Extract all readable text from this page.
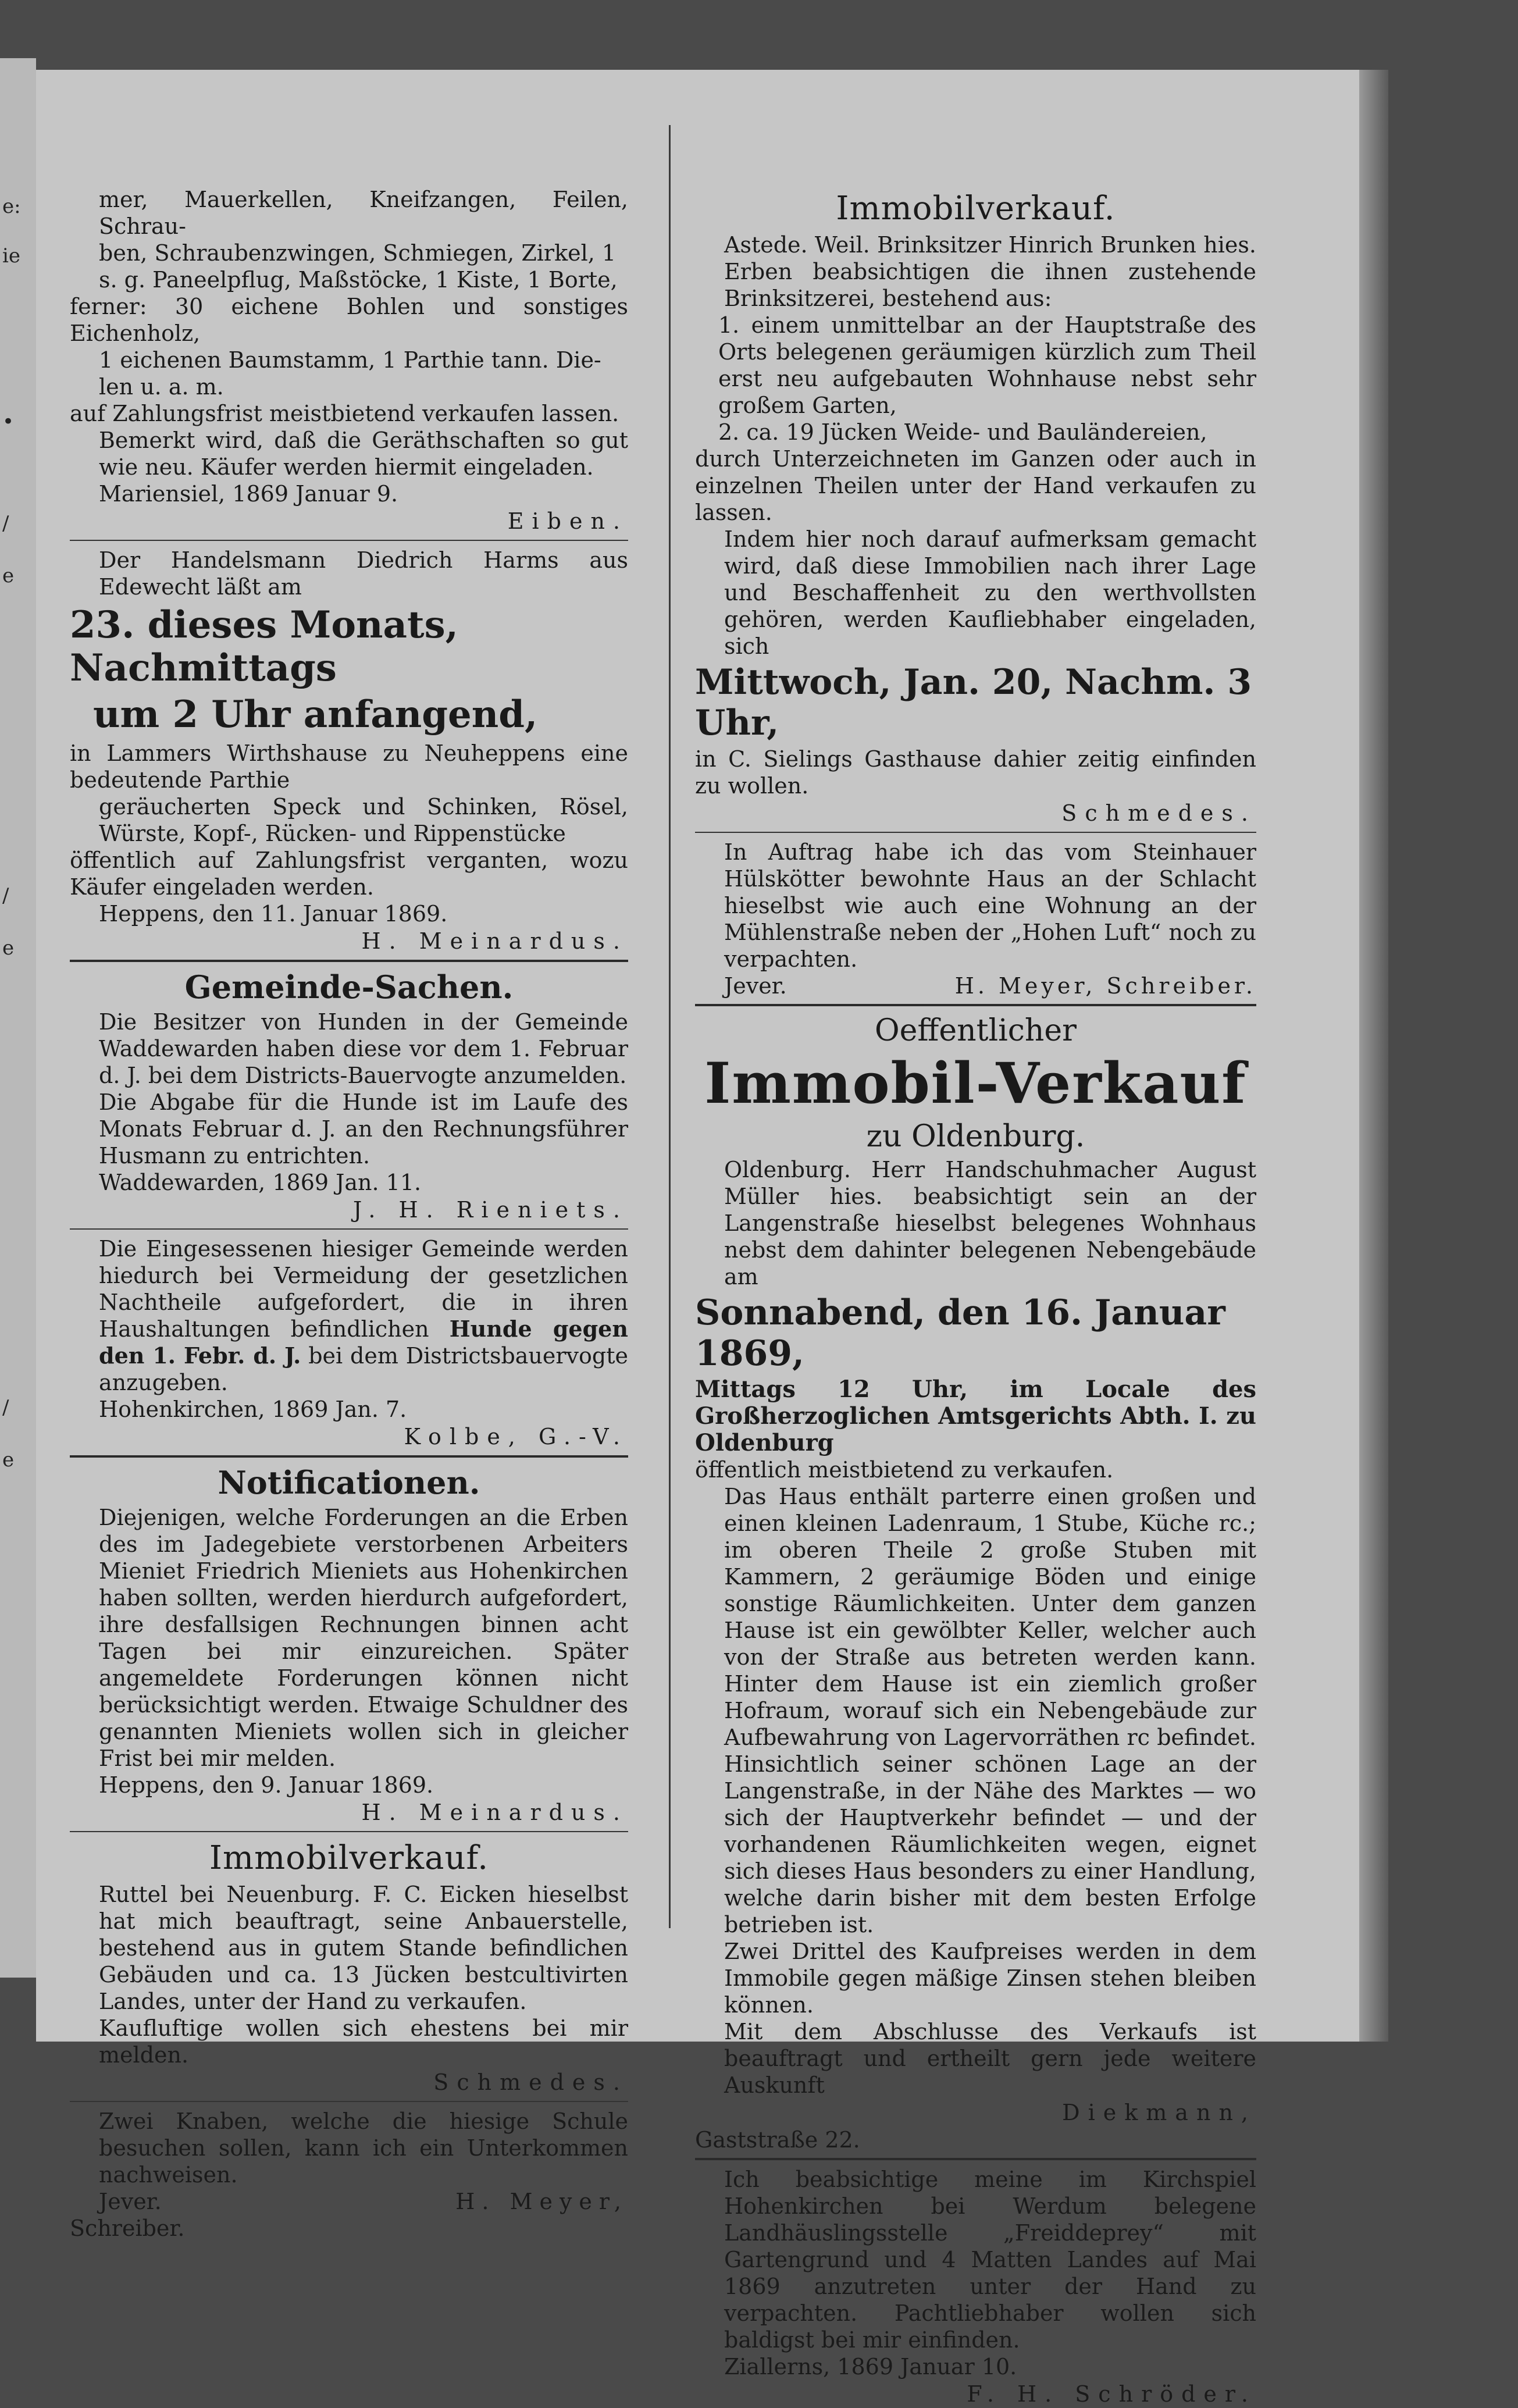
e:
ie
•
/
e
/
e
/
e

mer, Mauerkellen, Kneifzangen, Feilen, Schrau-

ben, Schraubenzwingen, Schmiegen, Zirkel, 1

s. g. Paneelpflug, Maßstöcke, 1 Kiste, 1 Borte,

ferner: 30 eichene Bohlen und sonstiges Eichenholz,

1 eichenen Baumstamm, 1 Parthie tann. Die-

len u. a. m.

auf Zahlungsfrist meistbietend verkaufen lassen.

Bemerkt wird, daß die Geräthschaften so gut wie neu. Käufer werden hiermit eingeladen.

Mariensiel, 1869 Januar 9.

Eiben.

Der Handelsmann Diedrich Harms aus Edewecht läßt am

23. dieses Monats, Nachmittags

um 2 Uhr anfangend,

in Lammers Wirthshause zu Neuheppens eine bedeutende Parthie

geräucherten Speck und Schinken, Rösel, Würste, Kopf-, Rücken- und Rippenstücke

öffentlich auf Zahlungsfrist verganten, wozu Käufer eingeladen werden.

Heppens, den 11. Januar 1869.

H. Meinardus.

Gemeinde-Sachen.

Die Besitzer von Hunden in der Gemeinde Waddewarden haben diese vor dem 1. Februar d. J. bei dem Districts-Bauervogte anzumelden.

Die Abgabe für die Hunde ist im Laufe des Monats Februar d. J. an den Rechnungsführer Husmann zu entrichten.

Waddewarden, 1869 Jan. 11.

J. H. Rieniets.

Die Eingesessenen hiesiger Gemeinde werden hiedurch bei Vermeidung der gesetzlichen Nachtheile aufgefordert, die in ihren Haushaltungen befindlichen Hunde gegen den 1. Febr. d. J. bei dem Districtsbauervogte anzugeben.

Hohenkirchen, 1869 Jan. 7.

Kolbe, G.-V.

Notificationen.

Diejenigen, welche Forderungen an die Erben des im Jadegebiete verstorbenen Arbeiters Mieniet Friedrich Mieniets aus Hohenkirchen haben sollten, werden hierdurch aufgefordert, ihre desfallsigen Rechnungen binnen acht Tagen bei mir einzureichen. Später angemeldete Forderungen können nicht berücksichtigt werden. Etwaige Schuldner des genannten Mieniets wollen sich in gleicher Frist bei mir melden.

Heppens, den 9. Januar 1869.

H. Meinardus.

Immobilverkauf.

Ruttel bei Neuenburg. F. C. Eicken hieselbst hat mich beauftragt, seine Anbauerstelle, bestehend aus in gutem Stande befindlichen Gebäuden und ca. 13 Jücken bestcultivirten Landes, unter der Hand zu verkaufen.

Kaufluftige wollen sich ehestens bei mir melden.

Schmedes.

Zwei Knaben, welche die hiesige Schule besuchen sollen, kann ich ein Unterkommen nachweisen.

Jever.	H. Meyer,

Schreiber.

Immobilverkauf.

Astede. Weil. Brinksitzer Hinrich Brunken hies. Erben beabsichtigen die ihnen zustehende Brinksitzerei, bestehend aus:

1. einem unmittelbar an der Hauptstraße des Orts belegenen geräumigen kürzlich zum Theil erst neu aufgebauten Wohnhause nebst sehr großem Garten,

2. ca. 19 Jücken Weide- und Bauländereien,

durch Unterzeichneten im Ganzen oder auch in einzelnen Theilen unter der Hand verkaufen zu lassen.

Indem hier noch darauf aufmerksam gemacht wird, daß diese Immobilien nach ihrer Lage und Beschaffenheit zu den werthvollsten gehören, werden Kaufliebhaber eingeladen, sich

Mittwoch, Jan. 20, Nachm. 3 Uhr,

in C. Sielings Gasthause dahier zeitig einfinden zu wollen.

Schmedes.

In Auftrag habe ich das vom Steinhauer Hülskötter bewohnte Haus an der Schlacht hieselbst wie auch eine Wohnung an der Mühlenstraße neben der „Hohen Luft“ noch zu verpachten.

Jever.	H. Meyer, Schreiber.

Oeffentlicher

Immobil-Verkauf

zu Oldenburg.

Oldenburg. Herr Handschuhmacher August Müller hies. beabsichtigt sein an der Langenstraße hieselbst belegenes Wohnhaus nebst dem dahinter belegenen Nebengebäude am

Sonnabend, den 16. Januar 1869,

Mittags 12 Uhr, im Locale des Großherzoglichen Amtsgerichts Abth. I. zu Oldenburg

öffentlich meistbietend zu verkaufen.

Das Haus enthält parterre einen großen und einen kleinen Ladenraum, 1 Stube, Küche rc.; im oberen Theile 2 große Stuben mit Kammern, 2 geräumige Böden und einige sonstige Räumlichkeiten. Unter dem ganzen Hause ist ein gewölbter Keller, welcher auch von der Straße aus betreten werden kann. Hinter dem Hause ist ein ziemlich großer Hofraum, worauf sich ein Nebengebäude zur Aufbewahrung von Lagervorräthen rc befindet. Hinsichtlich seiner schönen Lage an der Langenstraße, in der Nähe des Marktes — wo sich der Hauptverkehr befindet — und der vorhandenen Räumlichkeiten wegen, eignet sich dieses Haus besonders zu einer Handlung, welche darin bisher mit dem besten Erfolge betrieben ist.

Zwei Drittel des Kaufpreises werden in dem Immobile gegen mäßige Zinsen stehen bleiben können.

Mit dem Abschlusse des Verkaufs ist beauftragt und ertheilt gern jede weitere Auskunft

Diekmann,

Gaststraße 22.

Ich beabsichtige meine im Kirchspiel Hohenkirchen bei Werdum belegene Landhäuslingsstelle „Freiddeprey“ mit Gartengrund und 4 Matten Landes auf Mai 1869 anzutreten unter der Hand zu verpachten. Pachtliebhaber wollen sich baldigst bei mir einfinden.

Ziallerns, 1869 Januar 10.

F. H. Schröder.
